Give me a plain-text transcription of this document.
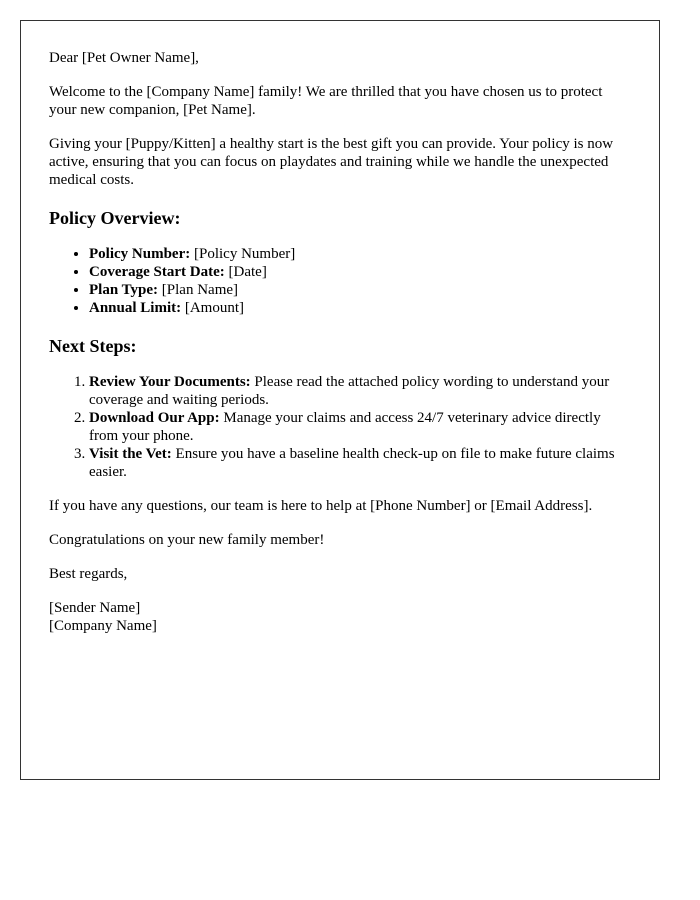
Dear [Pet Owner Name],

Welcome to the [Company Name] family! We are thrilled that you have chosen us to protect your new companion, [Pet Name].

Giving your [Puppy/Kitten] a healthy start is the best gift you can provide. Your policy is now active, ensuring that you can focus on playdates and training while we handle the unexpected medical costs.

Policy Overview:
• Policy Number: [Policy Number]
• Coverage Start Date: [Date]
• Plan Type: [Plan Name]
• Annual Limit: [Amount]
Next Steps:
1. Review Your Documents: Please read the attached policy wording to understand your coverage and waiting periods.
2. Download Our App: Manage your claims and access 24/7 veterinary advice directly from your phone.
3. Visit the Vet: Ensure you have a baseline health check-up on file to make future claims easier.

If you have any questions, our team is here to help at [Phone Number] or [Email Address].

Congratulations on your new family member!

Best regards,

[Sender Name]
[Company Name]
